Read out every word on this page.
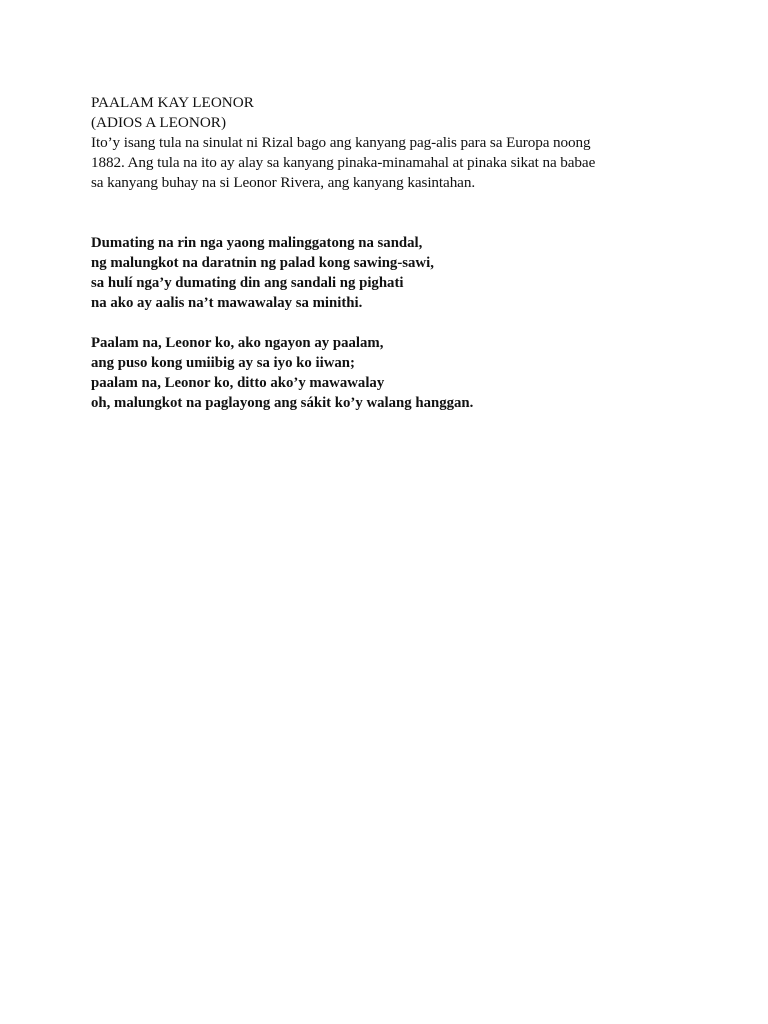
PAALAM KAY LEONOR
(ADIOS A LEONOR)
Ito’y isang tula na sinulat ni Rizal bago ang kanyang pag-alis para sa Europa noong
1882. Ang tula na ito ay alay sa kanyang pinaka-minamahal at pinaka sikat na babae
sa kanyang buhay na si Leonor Rivera, ang kanyang kasintahan.
Dumating na rin nga yaong malinggatong na sandal,
ng malungkot na daratnin ng palad kong sawing-sawi,
sa hulí nga’y dumating din ang sandali ng pighati
na ako ay aalis na’t mawawalay sa minithi.
Paalam na, Leonor ko, ako ngayon ay paalam,
ang puso kong umiibig ay sa iyo ko iiwan;
paalam na, Leonor ko, ditto ako’y mawawalay
oh, malungkot na paglayong ang sákit ko’y walang hanggan.
